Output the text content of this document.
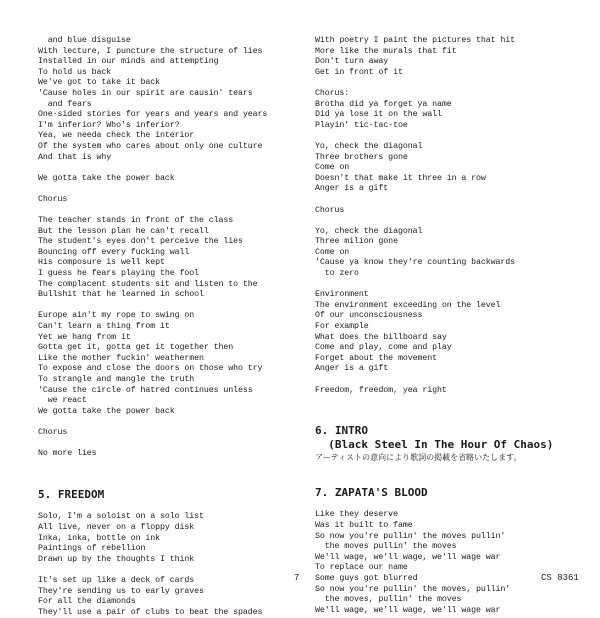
and blue disguise
With lecture, I puncture the structure of lies
Installed in our minds and attempting
To hold us back
We've got to take it back
'Cause holes in our spirit are causin' tears
and fears
One-sided stories for years and years and years
I'm inferior? Who's inferior?
Yea, we needa check the interior
Of the system who cares about only one culture
And that is why
We gotta take the power back
Chorus
The teacher stands in front of the class
But the lesson plan he can't recall
The student's eyes don't perceive the lies
Bouncing off every fucking wall
His composure is well kept
I guess he fears playing the fool
The complacent students sit and listen to the
Bullshit that he learned in school
Europe ain't my rope to swing on
Can't learn a thing from it
Yet we hang from it
Gotta get it, gotta get it together then
Like the mother fuckin' weathermen
To expose and close the doors on those who try
To strangle and mangle the truth
'Cause the circle of hatred continues unless
we react
We gotta take the power back
Chorus
No more lies
5. FREEDOM
Solo, I'm a soloist on a solo list
All live, never on a floppy disk
Inka, inka, bottle on ink
Paintings of rebellion
Drawn up by the thoughts I think
It's set up like a deck of cards
They're sending us to early graves
For all the diamonds
They'll use a pair of clubs to beat the spades
With poetry I paint the pictures that hit
More like the murals that fit
Don't turn away
Get in front of it
Chorus:
Brotha did ya forget ya name
Did ya lose it on the wall
Playin' tic-tac-toe
Yo, check the diagonal
Three brothers gone
Come on
Doesn't that make it three in a row
Anger is a gift
Chorus
Yo, check the diagonal
Three milion gone
Come on
'Cause ya know they're counting backwards
to zero
Environment
The environment exceeding on the level
Of our unconsciousness
For example
What does the billboard say
Come and play, come and play
Forget about the movement
Anger is a gift
Freedom, freedom, yea right
6. INTRO
(Black Steel In The Hour Of Chaos)
アーティストの意向により歌詞の掲載を省略いたします。
7. ZAPATA'S BLOOD
Like they deserve
Was it built to fame
So now you're pullin' the moves pullin'
the moves pullin' the moves
We'll wage, we'll wage, we'll wage war
To replace our name
Some guys got blurred
So now you're pullin' the moves, pullin'
the moves, pullin' the moves
We'll wage, we'll wage, we'll wage war
7	CS 8361
